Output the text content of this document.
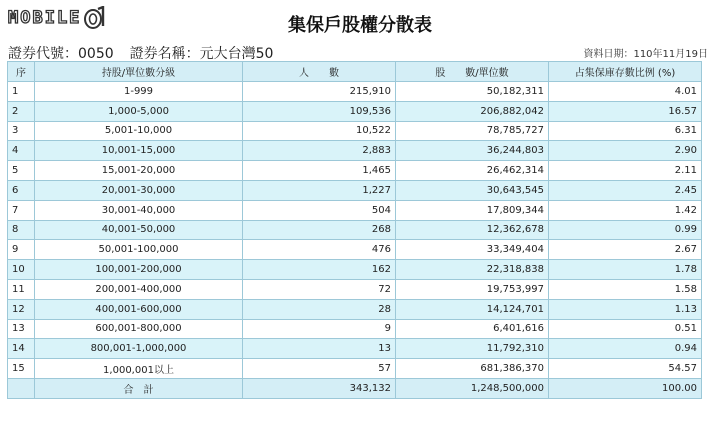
MOBILE	集保戶股權分散表
證券代號：0050 證券名稱：元大台灣50	資料日期：110年11月19日
序	持股/單位數分級	人　　數	股　　數/單位數	占集保庫存數比例 (%)
1	1-999	215,910	50,182,311	4.01
2	1,000-5,000	109,536	206,882,042	16.57
3	5,001-10,000	10,522	78,785,727	6.31
4	10,001-15,000	2,883	36,244,803	2.90
5	15,001-20,000	1,465	26,462,314	2.11
6	20,001-30,000	1,227	30,643,545	2.45
7	30,001-40,000	504	17,809,344	1.42
8	40,001-50,000	268	12,362,678	0.99
9	50,001-100,000	476	33,349,404	2.67
10	100,001-200,000	162	22,318,838	1.78
11	200,001-400,000	72	19,753,997	1.58
12	400,001-600,000	28	14,124,701	1.13
13	600,001-800,000	9	6,401,616	0.51
14	800,001-1,000,000	13	11,792,310	0.94
15	1,000,001以上	57	681,386,370	54.57
	合　計	343,132	1,248,500,000	100.00
